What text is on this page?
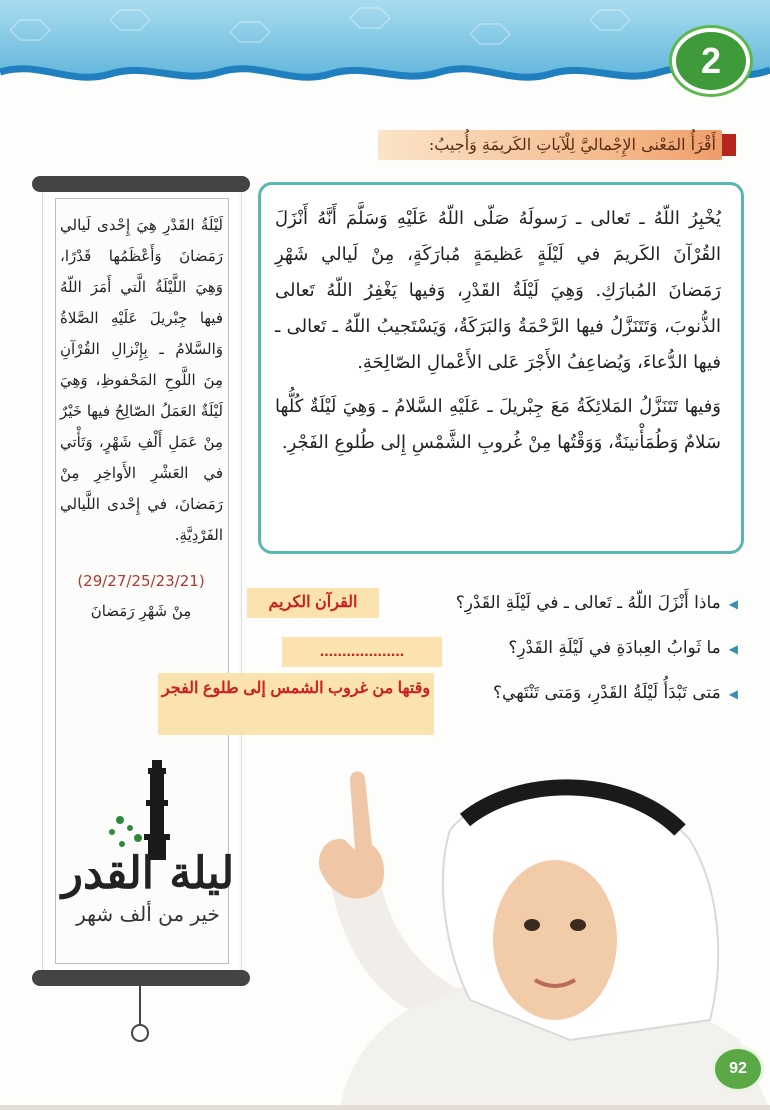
2
أَقْرَأُ المَعْنى الإِجْماليَّ لِلْآياتِ الكَريمَةِ وَأُجيبُ:

يُخْبِرُ اللّهُ ـ تَعالى ـ رَسولَهُ صَلّى اللّهُ عَلَيْهِ وَسَلَّمَ أَنَّهُ أَنْزَلَ القُرْآنَ الكَريمَ في لَيْلَةٍ عَظيمَةٍ مُبارَكَةٍ، مِنْ لَيالي شَهْرِ رَمَضانَ المُبارَكِ. وَهِيَ لَيْلَةُ القَدْرِ، وَفيها يَغْفِرُ اللّهُ تَعالى الذُّنوبَ، وَتَتَنَزَّلُ فيها الرَّحْمَةُ وَالبَرَكَةُ، وَيَسْتَجيبُ اللّهُ ـ تَعالى ـ فيها الدُّعاءَ، وَيُضاعِفُ الأَجْرَ عَلى الأَعْمالِ الصّالِحَةِ.

وَفيها تَتَنَزَّلُ المَلائِكَةُ مَعَ جِبْريلَ ـ عَلَيْهِ السَّلامُ ـ وَهِيَ لَيْلَةٌ كُلُّها سَلامٌ وَطُمَأْنينَةٌ، وَوَقْتُها مِنْ غُروبِ الشَّمْسِ إِلى طُلوعِ الفَجْرِ.

لَيْلَةُ القَدْرِ هِيَ إِحْدى لَيالي رَمَضانَ وَأَعْظَمُها قَدْرًا، وَهِيَ اللَّيْلَةُ الَّتي أَمَرَ اللّهُ فيها جِبْريلَ عَلَيْهِ الصَّلاةُ وَالسَّلامُ ـ بِإِنْزالِ القُرْآنِ مِنَ اللَّوحِ المَحْفوظِ، وَهِيَ لَيْلَةٌ العَمَلُ الصّالِحُ فيها خَيْرٌ مِنْ عَمَلِ أَلْفِ شَهْرٍ، وَتَأْتي في العَشْرِ الأَواخِرِ مِنْ رَمَضانَ، في إِحْدى اللَّيالي الفَرْدِيَّةِ.
(29/27/25/23/21)
مِنْ شَهْرِ رَمَضانَ
ليلة القدر
خير من ألف شهر
◀ماذا أَنْزَلَ اللّهُ ـ تَعالى ـ في لَيْلَةِ القَدْرِ؟
◀ما ثَوابُ العِبادَةِ في لَيْلَةِ القَدْرِ؟
◀مَتى تَبْدَأُ لَيْلَةُ القَدْرِ، وَمَتى تَنْتَهي؟
القرآن الكريم
...................
وقتها من غروب الشمس إلى طلوع الفجر
92
